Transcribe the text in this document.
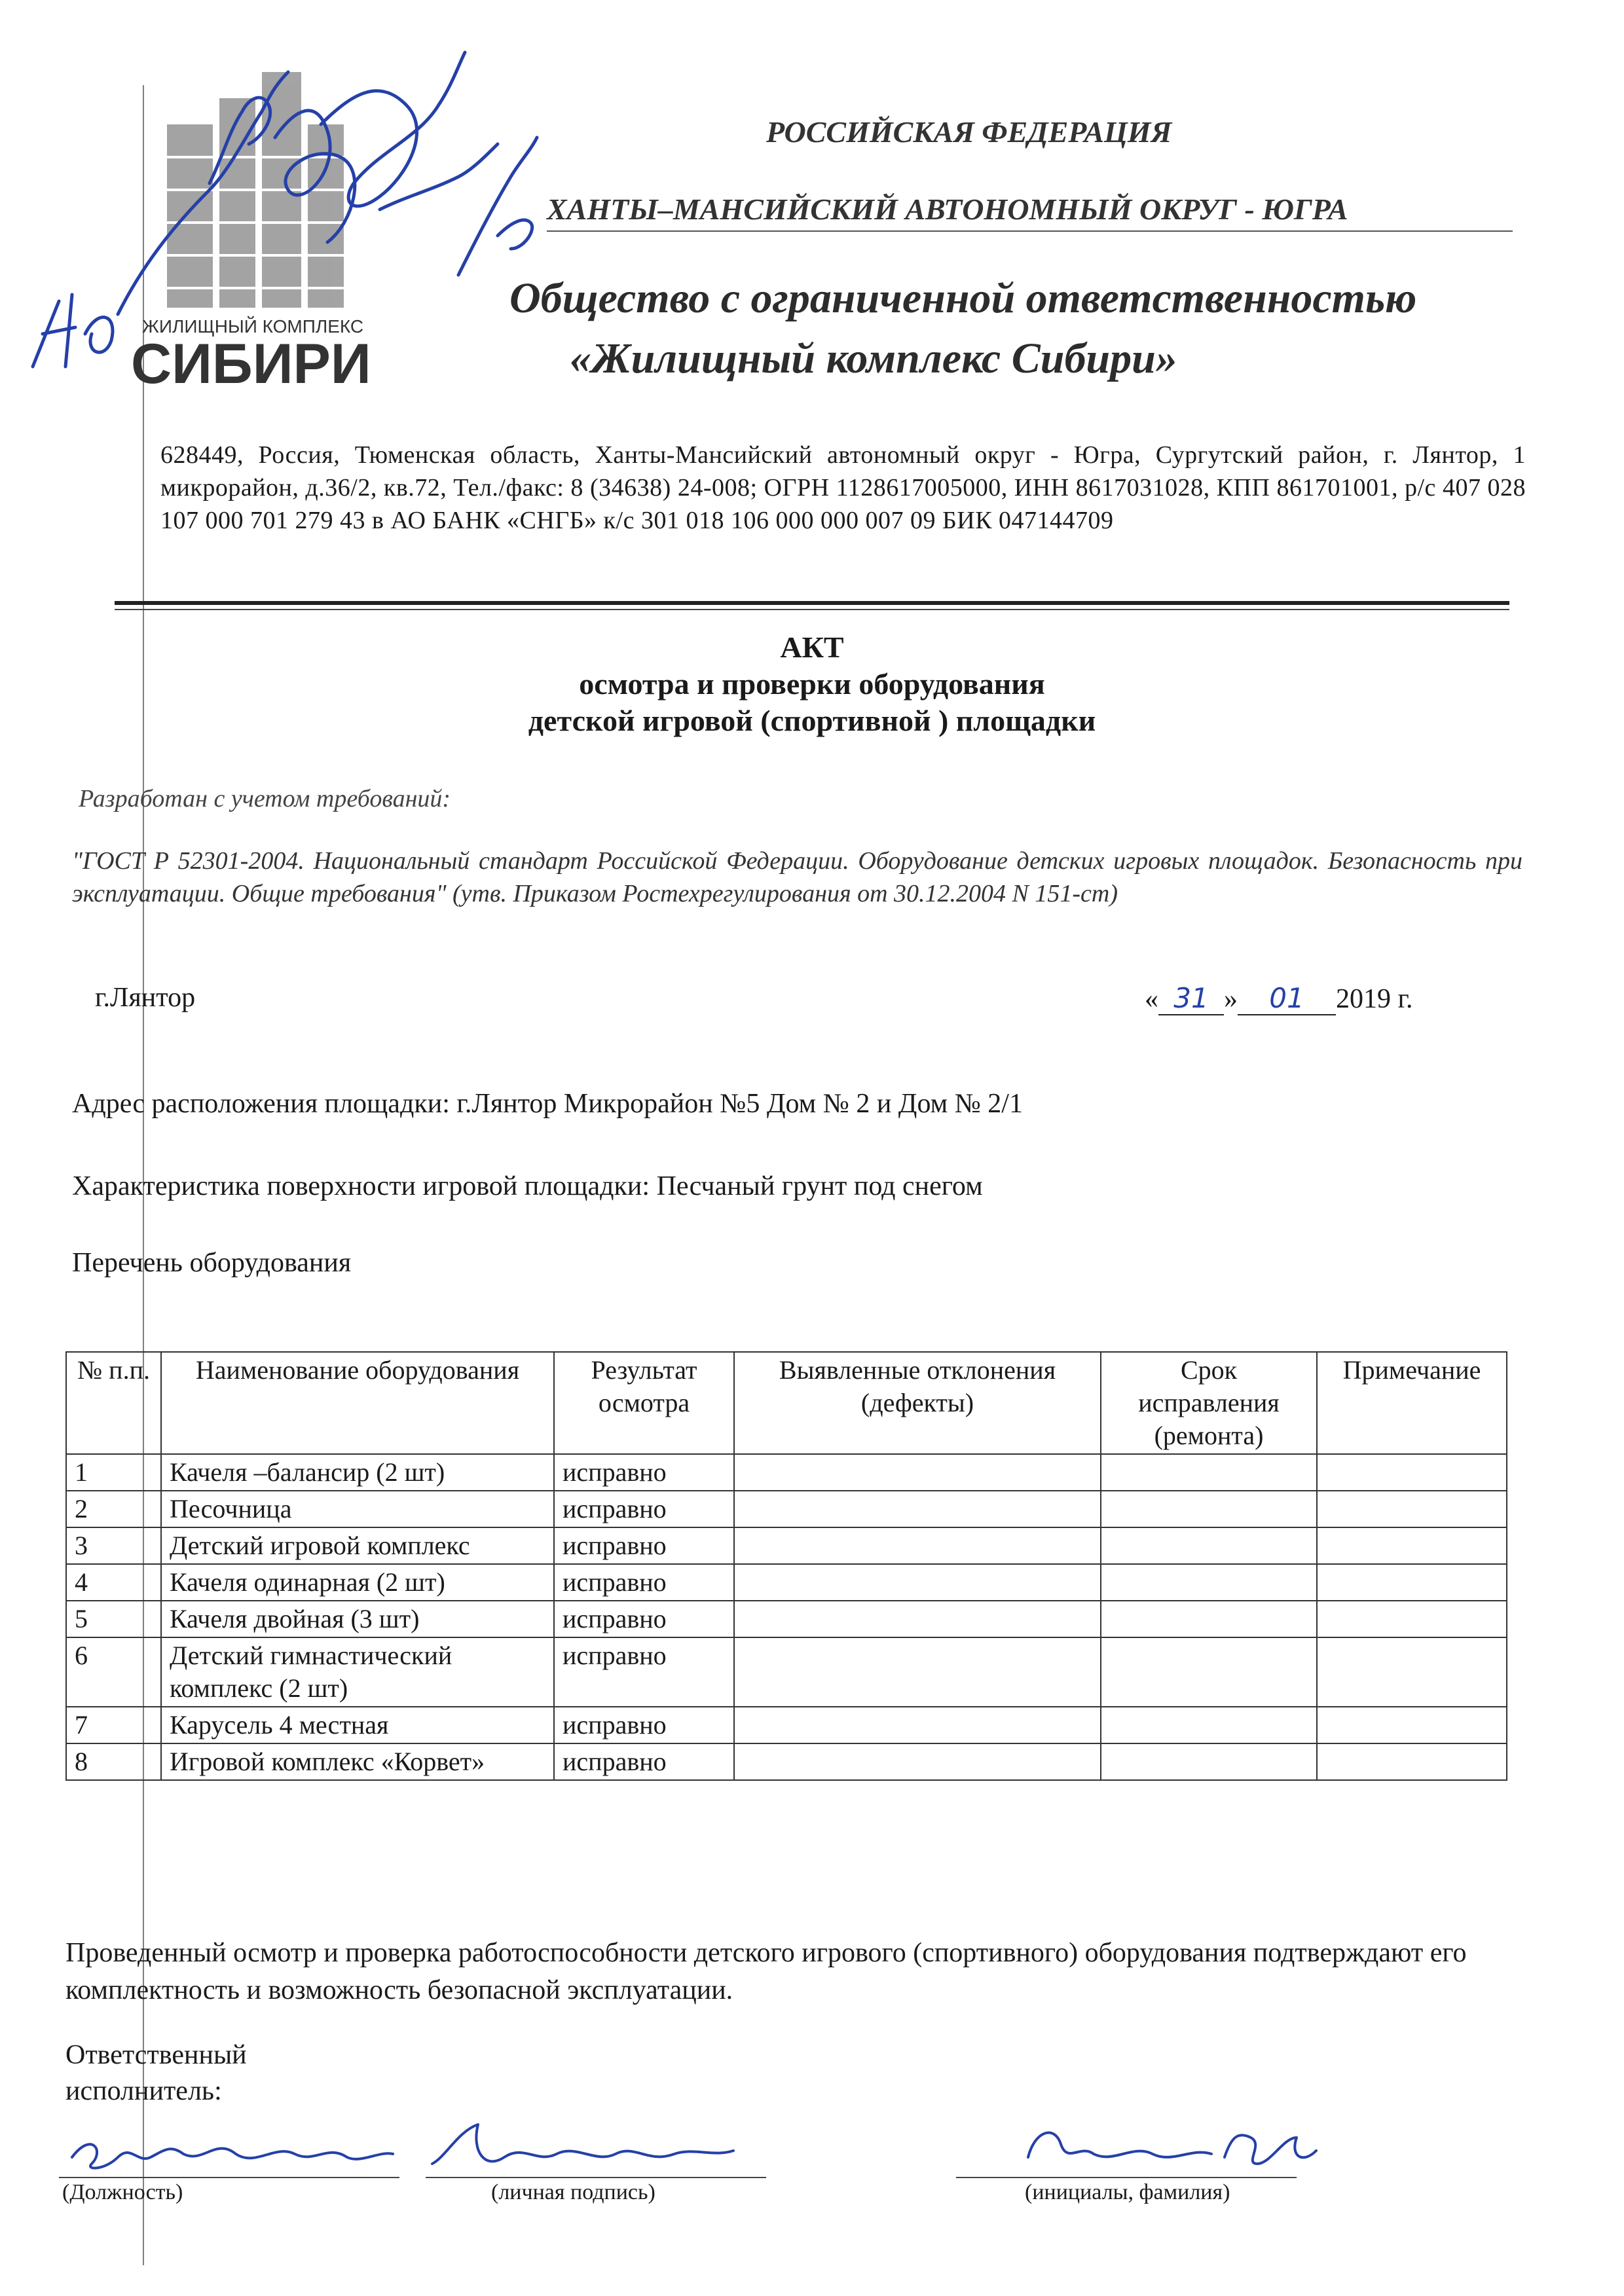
ЖИЛИЩНЫЙ КОМПЛЕКС
СИБИРИ
РОССИЙСКАЯ ФЕДЕРАЦИЯ
ХАНТЫ–МАНСИЙСКИЙ АВТОНОМНЫЙ ОКРУГ - ЮГРА
Общество с ограниченной ответственностью
«Жилищный комплекс Сибири»
628449, Россия, Тюменская область, Ханты-Мансийский автономный округ - Югра, Сургутский район, г. Лянтор, 1 микрорайон, д.36/2, кв.72, Тел./факс: 8 (34638) 24-008; ОГРН 1128617005000, ИНН 8617031028, КПП 861701001, р/с 407 028 107 000 701 279 43 в АО БАНК «СНГБ» к/с 301 018 106 000 000 007 09 БИК 047144709
АКТ
осмотра и проверки оборудования
детской игровой (спортивной ) площадки
Разработан с учетом требований:
"ГОСТ Р 52301-2004. Национальный стандарт Российской Федерации. Оборудование детских игровых площадок. Безопасность при эксплуатации. Общие требования" (утв. Приказом Ростехрегулирования от 30.12.2004 N 151-ст)
г.Лянтор	« 31 » 01 2019 г.
Адрес расположения площадки: г.Лянтор Микрорайон №5 Дом № 2 и Дом № 2/1
Характеристика поверхности игровой площадки: Песчаный грунт под снегом
Перечень оборудования
№ п.п.	Наименование оборудования	Результат осмотра	Выявленные отклонения (дефекты)	Срок исправления (ремонта)	Примечание
1	Качеля –балансир (2 шт)	исправно			
2	Песочница	исправно			
3	Детский игровой комплекс	исправно			
4	Качеля одинарная (2 шт)	исправно			
5	Качеля двойная (3 шт)	исправно			
6	Детский гимнастический комплекс (2 шт)	исправно			
7	Карусель 4 местная	исправно			
8	Игровой комплекс «Корвет»	исправно			
Проведенный осмотр и проверка работоспособности детского игрового (спортивного) оборудования подтверждают его комплектность и возможность безопасной эксплуатации.
Ответственный
исполнитель:
(Должность)	(личная подпись)	(инициалы, фамилия)
